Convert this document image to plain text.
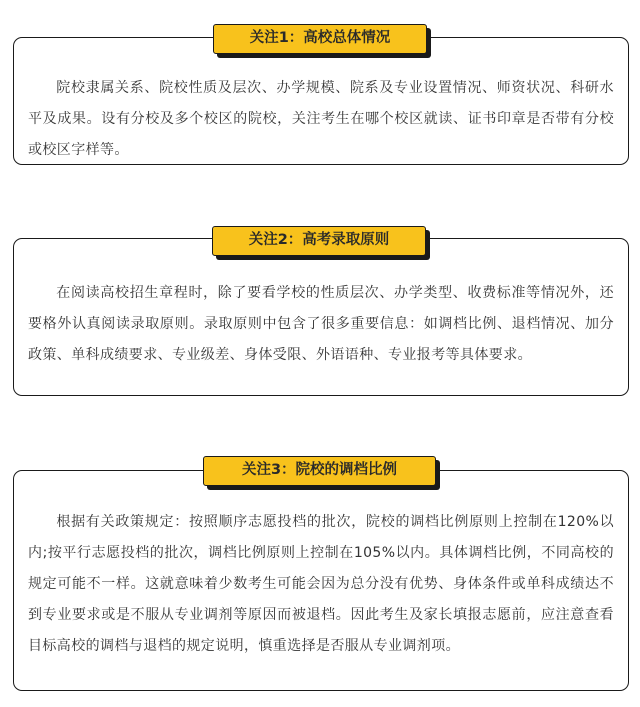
院校隶属关系、院校性质及层次、办学规模、院系及专业设置情况、师资状况、科研水平及成果。设有分校及多个校区的院校，关注考生在哪个校区就读、证书印章是否带有分校或校区字样等。

关注1：高校总体情况

在阅读高校招生章程时，除了要看学校的性质层次、办学类型、收费标准等情况外，还要格外认真阅读录取原则。录取原则中包含了很多重要信息：如调档比例、退档情况、加分政策、单科成绩要求、专业级差、身体受限、外语语种、专业报考等具体要求。

关注2：高考录取原则

根据有关政策规定：按照顺序志愿投档的批次，院校的调档比例原则上控制在120%以内;按平行志愿投档的批次，调档比例原则上控制在105%以内。具体调档比例，不同高校的规定可能不一样。这就意味着少数考生可能会因为总分没有优势、身体条件或单科成绩达不到专业要求或是不服从专业调剂等原因而被退档。因此考生及家长填报志愿前，应注意查看目标高校的调档与退档的规定说明，慎重选择是否服从专业调剂项。

关注3：院校的调档比例
